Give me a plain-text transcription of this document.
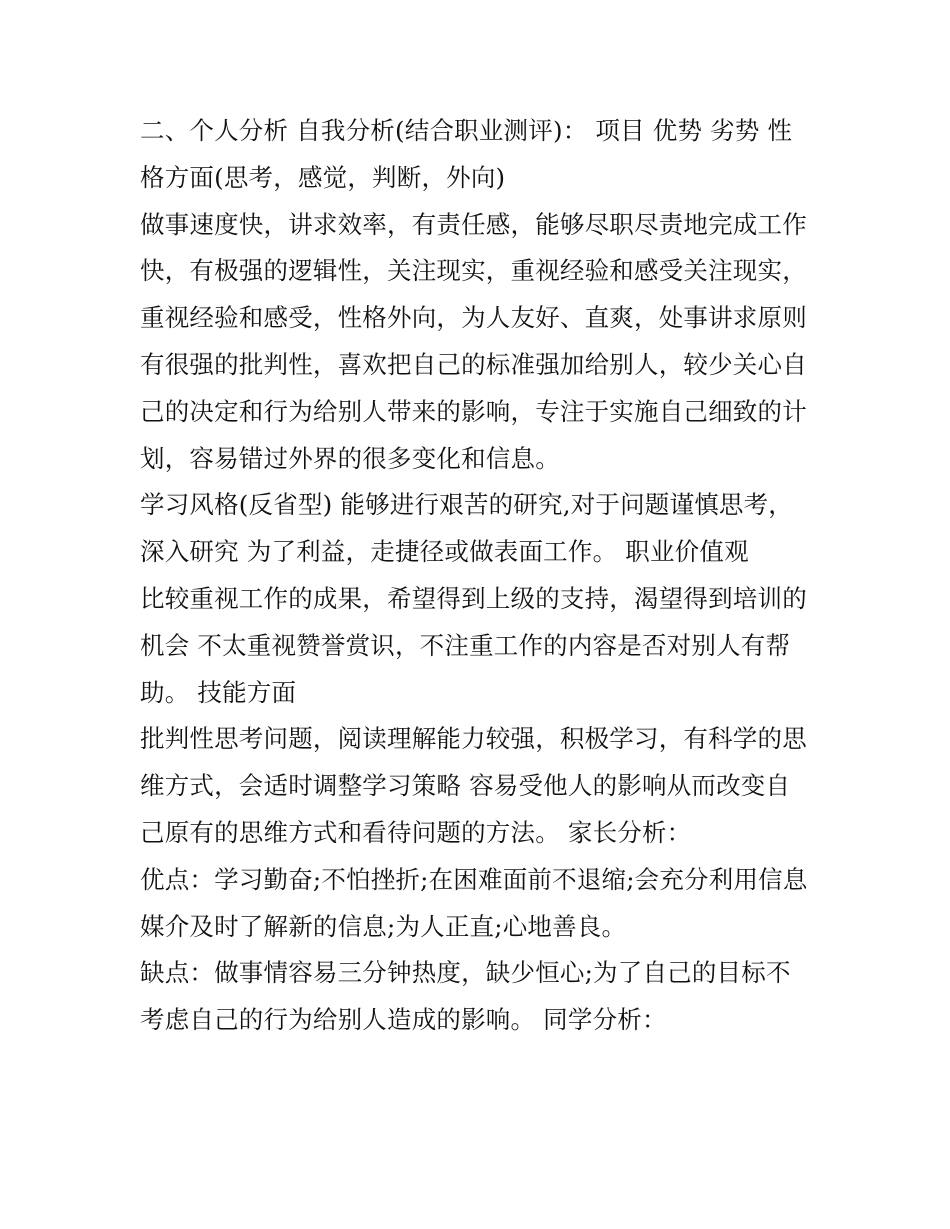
二、个人分析 自我分析(结合职业测评)： 项目 优势 劣势 性
格方面(思考，感觉，判断，外向)
做事速度快，讲求效率，有责任感，能够尽职尽责地完成工作
快，有极强的逻辑性，关注现实，重视经验和感受关注现实，
重视经验和感受，性格外向，为人友好、直爽，处事讲求原则
有很强的批判性，喜欢把自己的标准强加给别人，较少关心自
己的决定和行为给别人带来的影响，专注于实施自己细致的计
划，容易错过外界的很多变化和信息。
学习风格(反省型) 能够进行艰苦的研究,对于问题谨慎思考，
深入研究 为了利益，走捷径或做表面工作。 职业价值观
比较重视工作的成果，希望得到上级的支持，渴望得到培训的
机会 不太重视赞誉赏识，不注重工作的内容是否对别人有帮
助。 技能方面
批判性思考问题，阅读理解能力较强，积极学习，有科学的思
维方式，会适时调整学习策略 容易受他人的影响从而改变自
己原有的思维方式和看待问题的方法。 家长分析：
优点：学习勤奋;不怕挫折;在困难面前不退缩;会充分利用信息
媒介及时了解新的信息;为人正直;心地善良。
缺点：做事情容易三分钟热度，缺少恒心;为了自己的目标不
考虑自己的行为给别人造成的影响。 同学分析：
